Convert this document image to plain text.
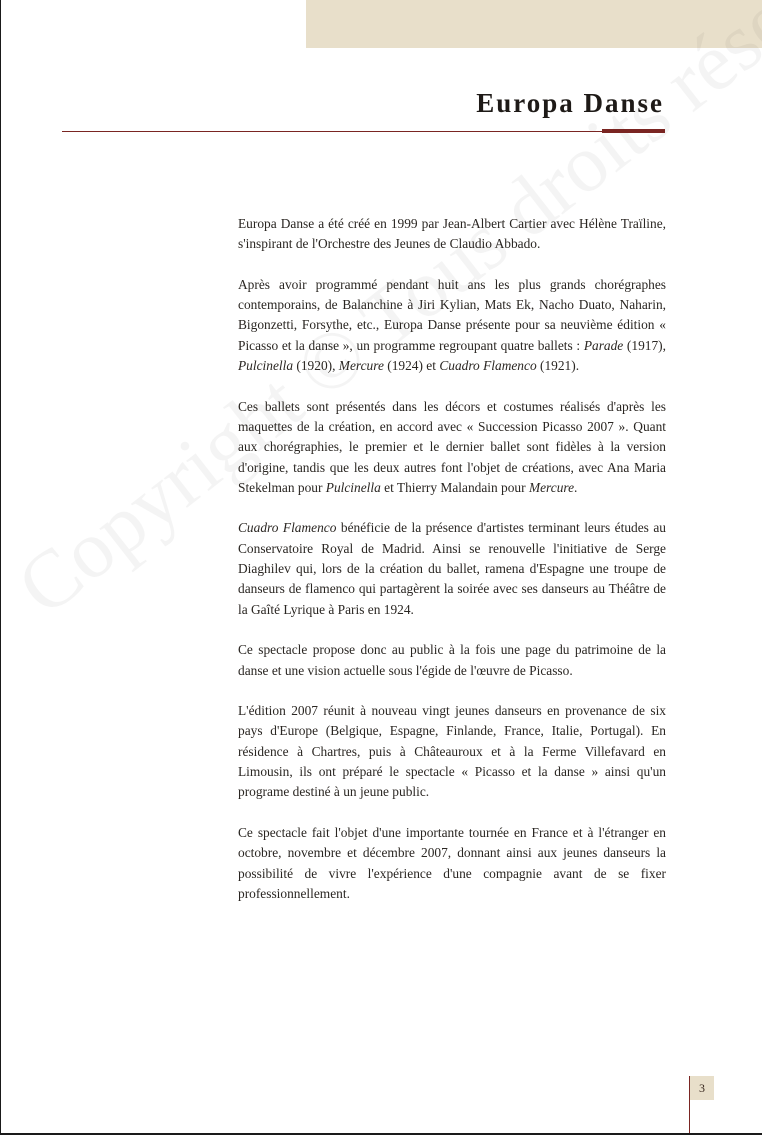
Europa Danse

Europa Danse a été créé en 1999 par Jean-Albert Cartier avec Hélène Traïline, s'inspirant de l'Orchestre des Jeunes de Claudio Abbado.

Après avoir programmé pendant huit ans les plus grands chorégraphes contemporains, de Balanchine à Jiri Kylian, Mats Ek, Nacho Duato, Naharin, Bigonzetti, Forsythe, etc., Europa Danse présente pour sa neuvième édition « Picasso et la danse », un programme regroupant quatre ballets : Parade (1917), Pulcinella (1920), Mercure (1924) et Cuadro Flamenco (1921).

Ces ballets sont présentés dans les décors et costumes réalisés d'après les maquettes de la création, en accord avec « Succession Picasso 2007 ». Quant aux chorégraphies, le premier et le dernier ballet sont fidèles à la version d'origine, tandis que les deux autres font l'objet de créations, avec Ana Maria Stekelman pour Pulcinella et Thierry Malandain pour Mercure.

Cuadro Flamenco bénéficie de la présence d'artistes terminant leurs études au Conservatoire Royal de Madrid. Ainsi se renouvelle l'initiative de Serge Diaghilev qui, lors de la création du ballet, ramena d'Espagne une troupe de danseurs de flamenco qui partagèrent la soirée avec ses danseurs au Théâtre de la Gaîté Lyrique à Paris en 1924.

Ce spectacle propose donc au public à la fois une page du patrimoine de la danse et une vision actuelle sous l'égide de l'œuvre de Picasso.

L'édition 2007 réunit à nouveau vingt jeunes danseurs en provenance de six pays d'Europe (Belgique, Espagne, Finlande, France, Italie, Portugal). En résidence à Chartres, puis à Châteauroux et à la Ferme Villefavard en Limousin, ils ont préparé le spectacle « Picasso et la danse » ainsi qu'un programe destiné à un jeune public.

Ce spectacle fait l'objet d'une importante tournée en France et à l'étranger en octobre, novembre et décembre 2007, donnant ainsi aux jeunes danseurs la possibilité de vivre l'expérience d'une compagnie avant de se fixer professionnellement.

3
